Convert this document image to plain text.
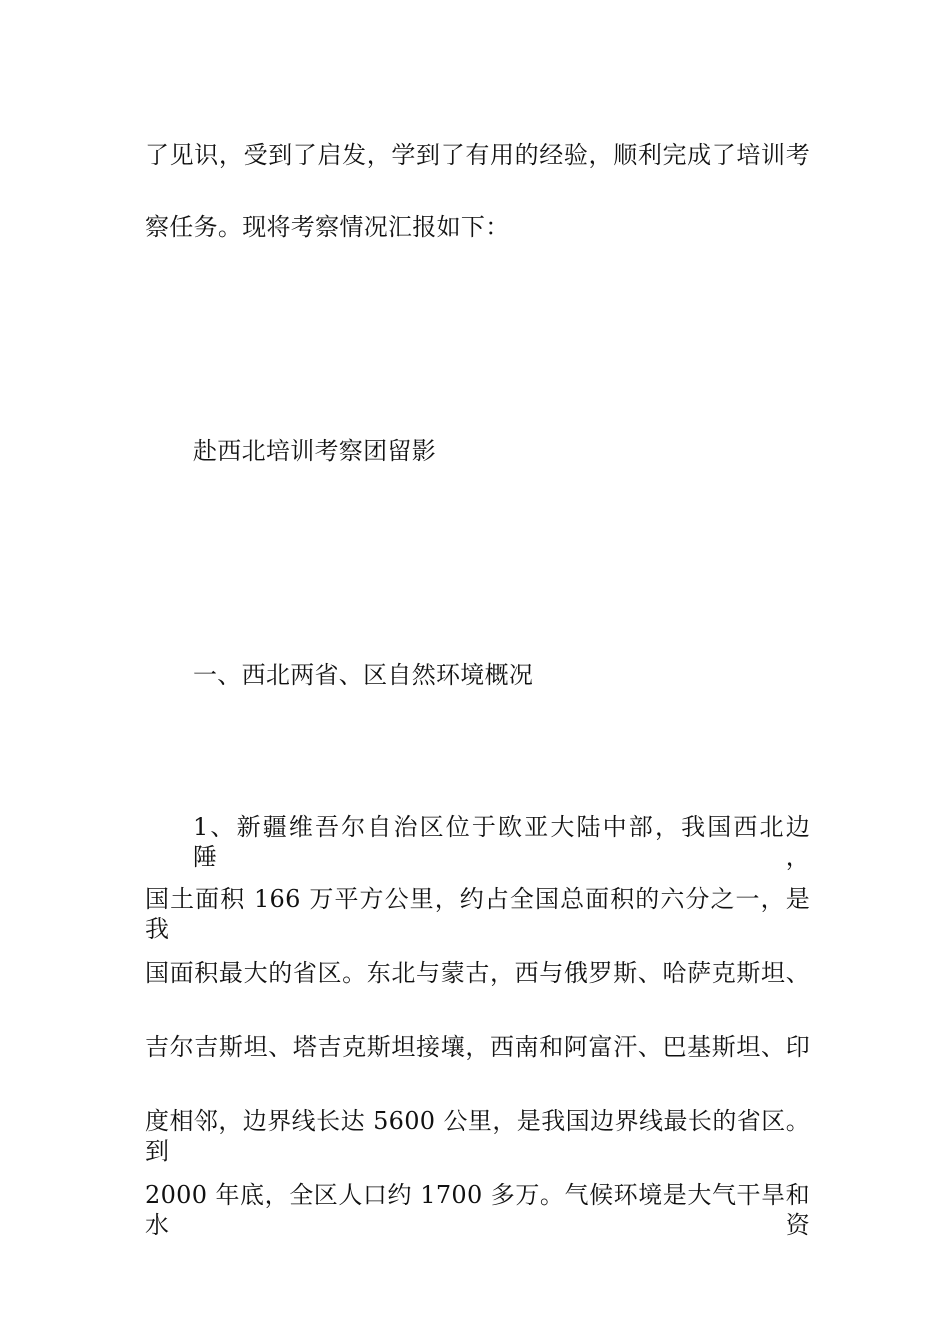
了见识，受到了启发，学到了有用的经验，顺利完成了培训考
察任务。现将考察情况汇报如下：
赴西北培训考察团留影
一、西北两省、区自然环境概况
1、新疆维吾尔自治区位于欧亚大陆中部，我国西北边陲，
国土面积 166 万平方公里，约占全国总面积的六分之一，是我
国面积最大的省区。东北与蒙古，西与俄罗斯、哈萨克斯坦、
吉尔吉斯坦、塔吉克斯坦接壤，西南和阿富汗、巴基斯坦、印
度相邻，边界线长达 5600 公里，是我国边界线最长的省区。到
2000 年底，全区人口约 1700 多万。气候环境是大气干旱和水资
